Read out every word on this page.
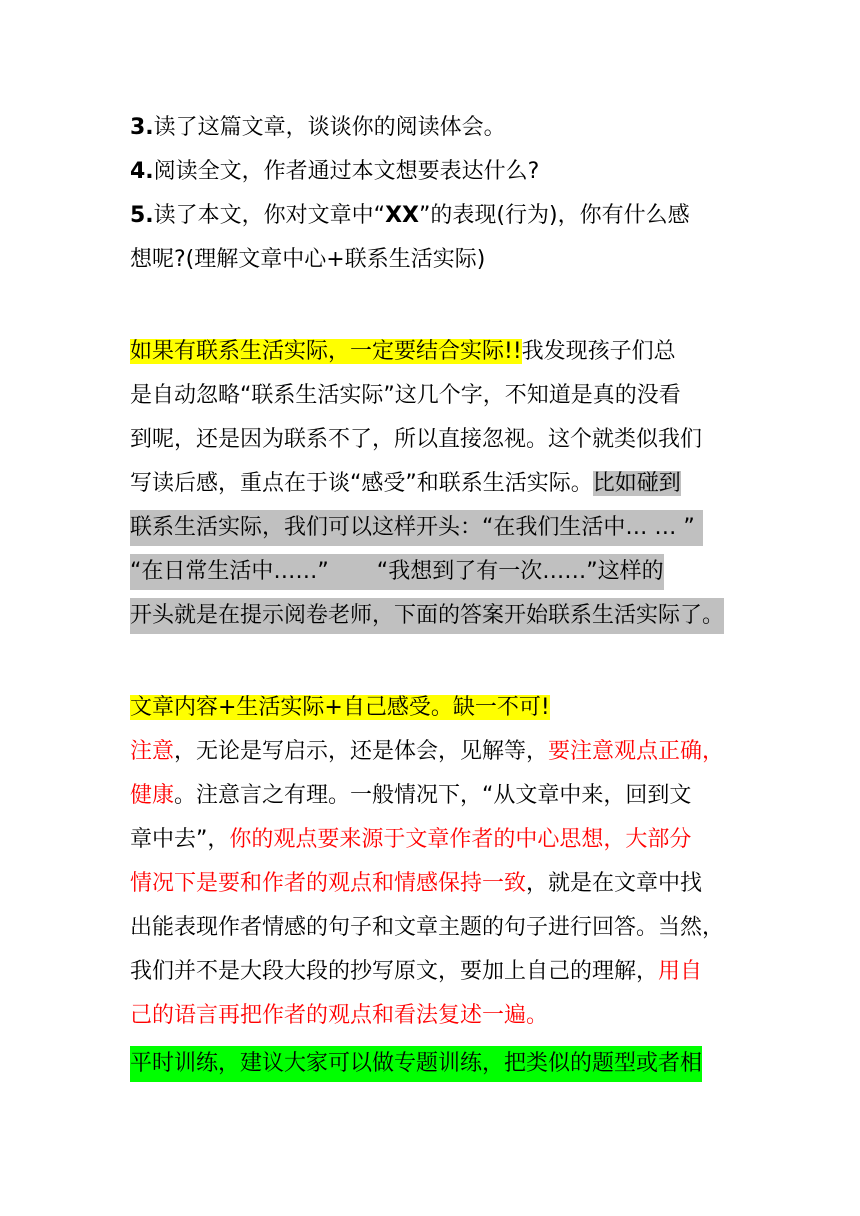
3.读了这篇文章，谈谈你的阅读体会。
4.阅读全文，作者通过本文想要表达什么?
5.读了本文，你对文章中“XX”的表现(行为)，你有什么感
想呢?(理解文章中心+联系生活实际)
如果有联系生活实际，一定要结合实际!!我发现孩子们总
是自动忽略“联系生活实际”这几个字，不知道是真的没看
到呢，还是因为联系不了，所以直接忽视。这个就类似我们
写读后感，重点在于谈“感受”和联系生活实际。比如碰到
联系生活实际，我们可以这样开头：“在我们生活中… … ”
“在日常生活中……” “我想到了有一次……”这样的
开头就是在提示阅卷老师，下面的答案开始联系生活实际了。
文章内容+生活实际+自己感受。缺一不可!
注意，无论是写启示，还是体会，见解等，要注意观点正确，
健康。注意言之有理。一般情况下，“从文章中来，回到文
章中去”，你的观点要来源于文章作者的中心思想，大部分
情况下是要和作者的观点和情感保持一致，就是在文章中找
出能表现作者情感的句子和文章主题的句子进行回答。当然，
我们并不是大段大段的抄写原文，要加上自己的理解，用自
己的语言再把作者的观点和看法复述一遍。
平时训练，建议大家可以做专题训练，把类似的题型或者相
